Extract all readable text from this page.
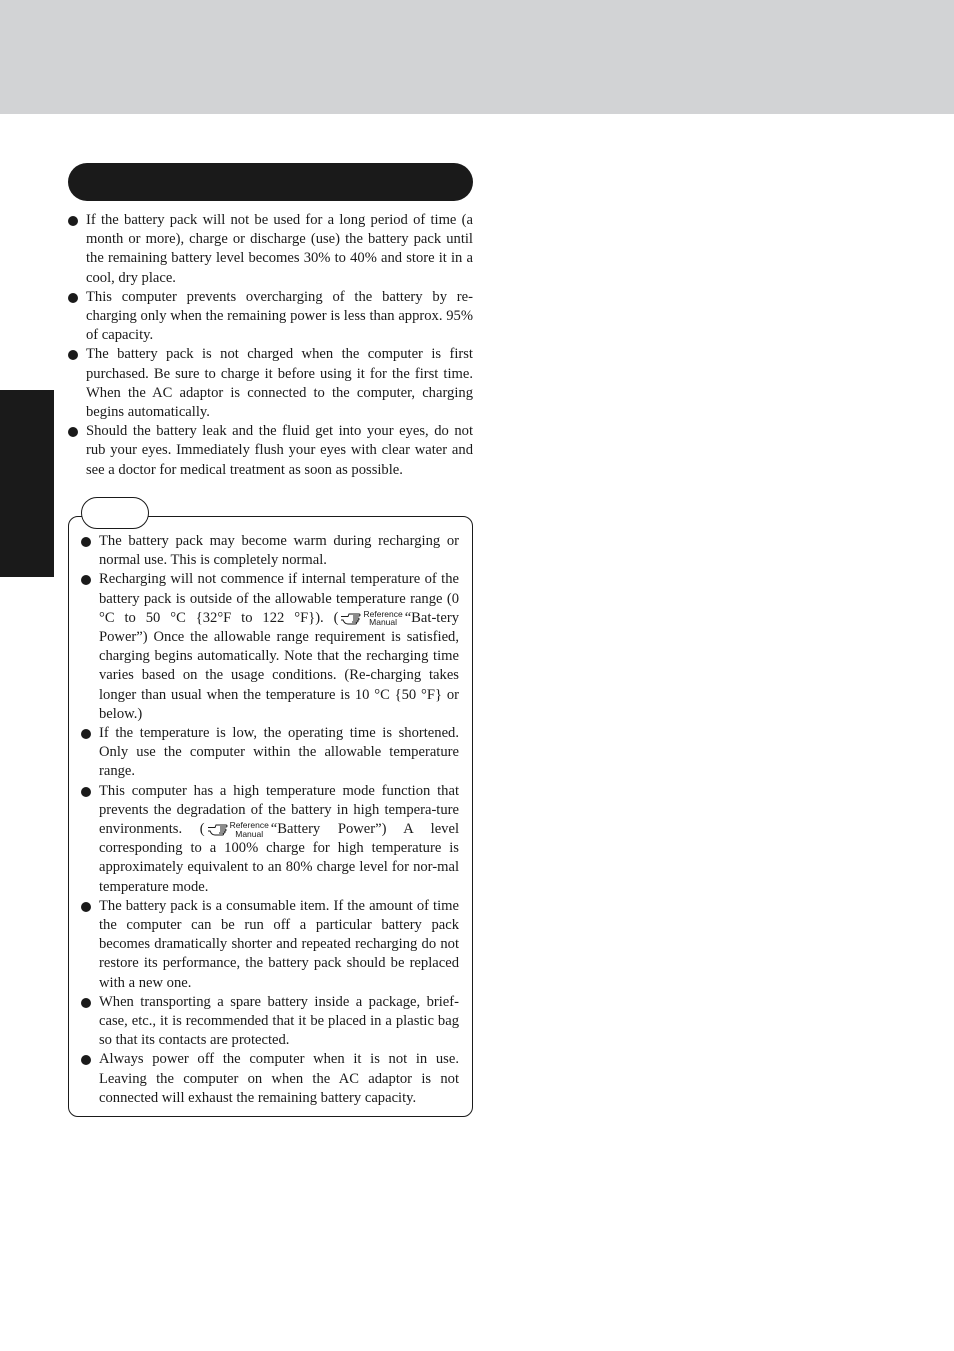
If the battery pack will not be used for a long period of time (a month or more), charge or discharge (use) the battery pack until the remaining battery level becomes 30% to 40% and store it in a cool, dry place.
This computer prevents overcharging of the battery by re-charging only when the remaining power is less than approx. 95% of capacity.
The battery pack is not charged when the computer is first purchased. Be sure to charge it before using it for the first time. When the AC adaptor is connected to the computer, charging begins automatically.
Should the battery leak and the fluid get into your eyes, do not rub your eyes. Immediately flush your eyes with clear water and see a doctor for medical treatment as soon as possible.
The battery pack may become warm during recharging or normal use. This is completely normal.
Recharging will not commence if internal temperature of the battery pack is outside of the allowable temperature range (0 °C to 50 °C {32°F to 122 °F}). (	Reference
Manual “Bat-tery Power”) Once the allowable range requirement is satisfied, charging begins automatically. Note that the recharging time varies based on the usage conditions. (Re-charging takes longer than usual when the temperature is 10 °C {50 °F} or below.)
If the temperature is low, the operating time is shortened. Only use the computer within the allowable temperature range.
This computer has a high temperature mode function that prevents the degradation of the battery in high tempera-ture environments. (	Reference
Manual “Battery Power”) A level corresponding to a 100% charge for high temperature is approximately equivalent to an 80% charge level for nor-mal temperature mode.
The battery pack is a consumable item. If the amount of time the computer can be run off a particular battery pack becomes dramatically shorter and repeated recharging do not restore its performance, the battery pack should be replaced with a new one.
When transporting a spare battery inside a package, brief-case, etc., it is recommended that it be placed in a plastic bag so that its contacts are protected.
Always power off the computer when it is not in use. Leaving the computer on when the AC adaptor is not connected will exhaust the remaining battery capacity.
